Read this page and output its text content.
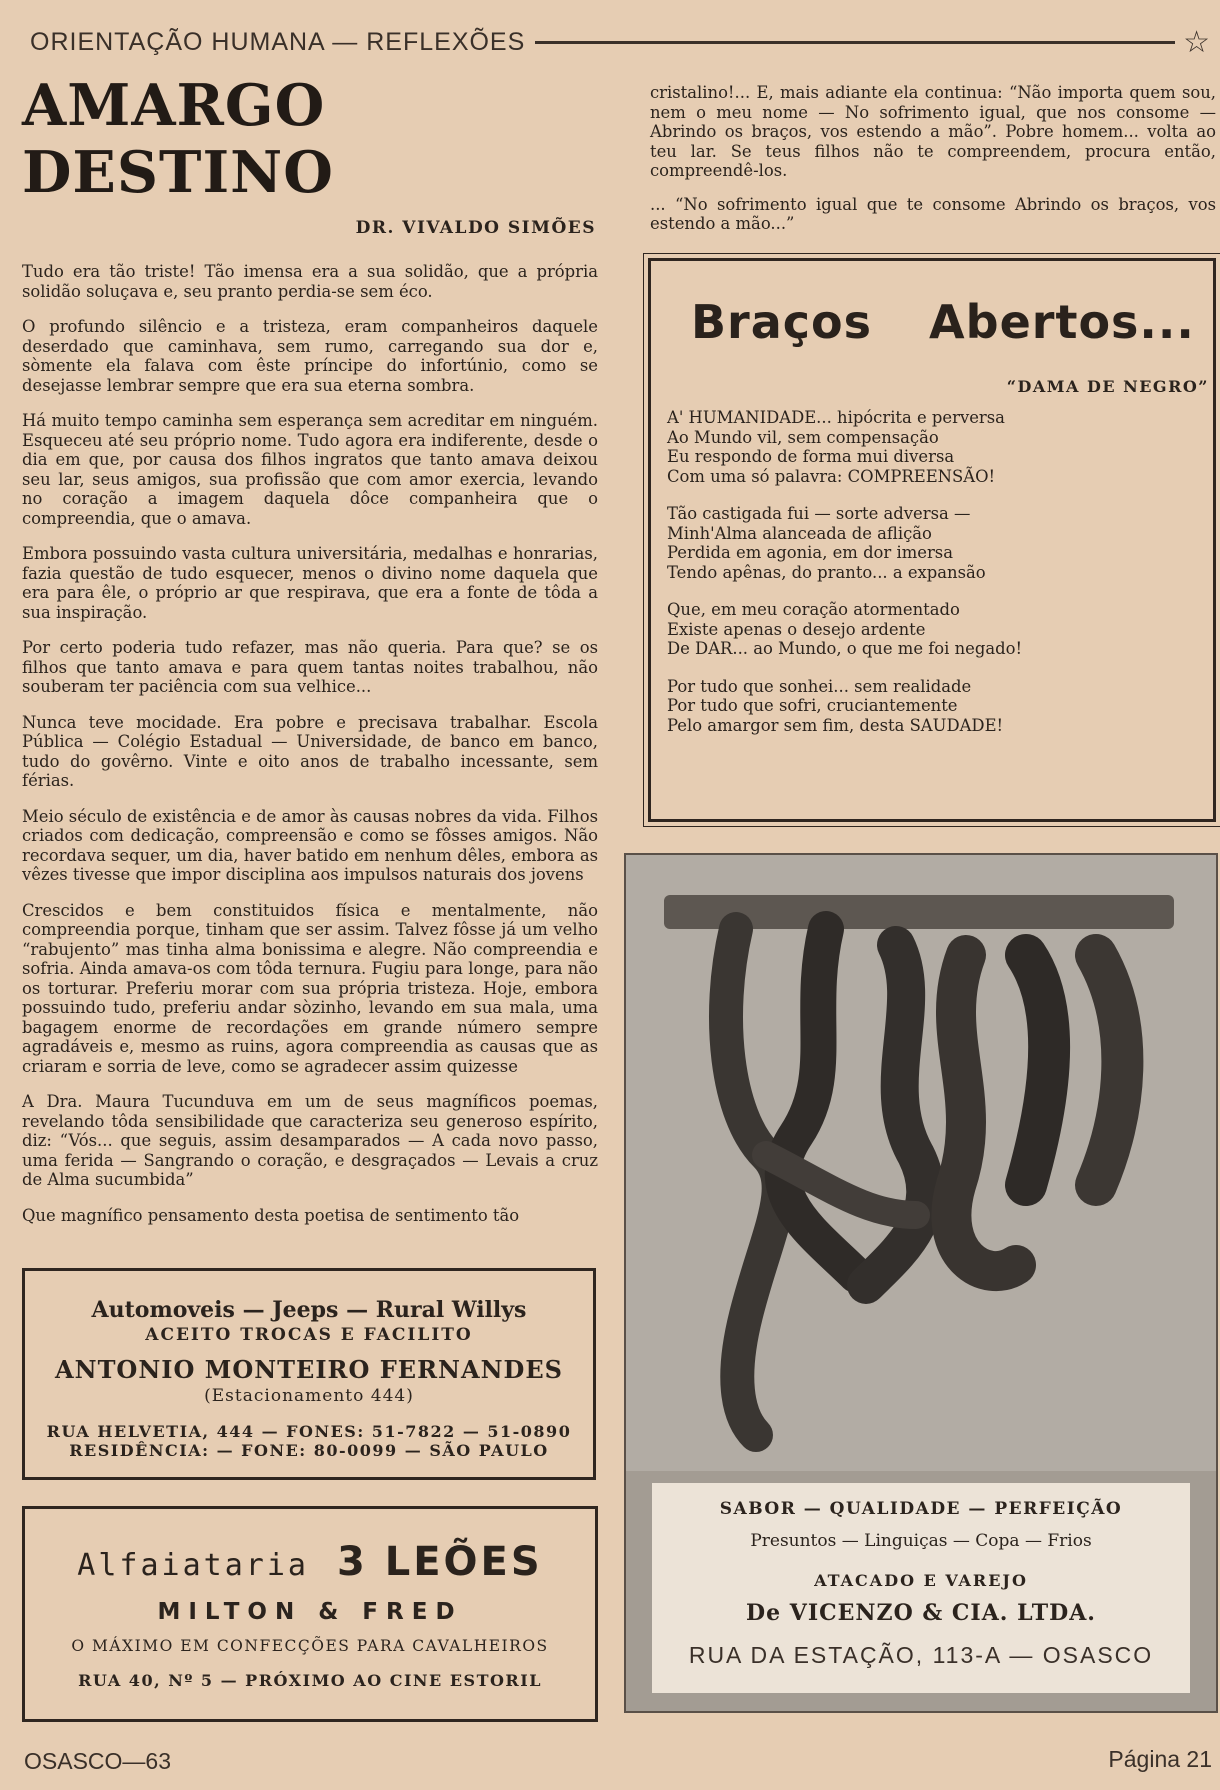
ORIENTAÇÃO HUMANA — REFLEXÕES	☆
AMARGO DESTINO
DR. VIVALDO SIMÕES

Tudo era tão triste! Tão imensa era a sua solidão, que a própria solidão soluçava e, seu pranto perdia-se sem éco.

O profundo silêncio e a tristeza, eram companheiros daquele deserdado que caminhava, sem rumo, carregando sua dor e, sòmente ela falava com êste príncipe do infortúnio, como se desejasse lembrar sempre que era sua eterna sombra.

Há muito tempo caminha sem esperança sem acreditar em ninguém. Esqueceu até seu próprio nome. Tudo agora era indiferente, desde o dia em que, por causa dos filhos ingratos que tanto amava deixou seu lar, seus amigos, sua profissão que com amor exercia, levando no coração a imagem daquela dôce companheira que o compreendia, que o amava.

Embora possuindo vasta cultura universitária, medalhas e honrarias, fazia questão de tudo esquecer, menos o divino nome daquela que era para êle, o próprio ar que respirava, que era a fonte de tôda a sua inspiração.

Por certo poderia tudo refazer, mas não queria. Para que? se os filhos que tanto amava e para quem tantas noites trabalhou, não souberam ter paciência com sua velhice...

Nunca teve mocidade. Era pobre e precisava trabalhar. Escola Pública — Colégio Estadual — Universidade, de banco em banco, tudo do govêrno. Vinte e oito anos de trabalho incessante, sem férias.

Meio século de existência e de amor às causas nobres da vida. Filhos criados com dedicação, compreensão e como se fôsses amigos. Não recordava sequer, um dia, haver batido em nenhum dêles, embora as vêzes tivesse que impor disciplina aos impulsos naturais dos jovens

Crescidos e bem constituidos física e mentalmente, não compreendia porque, tinham que ser assim. Talvez fôsse já um velho “rabujento” mas tinha alma bonissima e alegre. Não compreendia e sofria. Ainda amava-os com tôda ternura. Fugiu para longe, para não os torturar. Preferiu morar com sua própria tristeza. Hoje, embora possuindo tudo, preferiu andar sòzinho, levando em sua mala, uma bagagem enorme de recordações em grande número sempre agradáveis e, mesmo as ruins, agora compreendia as causas que as criaram e sorria de leve, como se agradecer assim quizesse

A Dra. Maura Tucunduva em um de seus magníficos poemas, revelando tôda sensibilidade que caracteriza seu generoso espírito, diz: “Vós... que seguis, assim desamparados — A cada novo passo, uma ferida — Sangrando o coração, e desgraçados — Levais a cruz de Alma sucumbida”

Que magnífico pensamento desta poetisa de sentimento tão

cristalino!... E, mais adiante ela continua: “Não importa quem sou, nem o meu nome — No sofrimento igual, que nos consome — Abrindo os braços, vos estendo a mão”. Pobre homem... volta ao teu lar. Se teus filhos não te compreendem, procura então, compreendê-los.

... “No sofrimento igual que te consome Abrindo os braços, vos estendo a mão...”

Braços Abertos...
“DAMA DE NEGRO”
A' HUMANIDADE... hipócrita e perversa
Ao Mundo vil, sem compensação
Eu respondo de forma mui diversa
Com uma só palavra: COMPREENSÃO!
Tão castigada fui — sorte adversa —
Minh'Alma alanceada de aflição
Perdida em agonia, em dor imersa
Tendo apênas, do pranto... a expansão
Que, em meu coração atormentado
Existe apenas o desejo ardente
De DAR... ao Mundo, o que me foi negado!
Por tudo que sonhei... sem realidade
Por tudo que sofri, cruciantemente
Pelo amargor sem fim, desta SAUDADE!
Automoveis — Jeeps — Rural Willys
ACEITO TROCAS E FACILITO
ANTONIO MONTEIRO FERNANDES
(Estacionamento 444)
RUA HELVETIA, 444 — FONES: 51-7822 — 51-0890
RESIDÊNCIA: — FONE: 80-0099 — SÃO PAULO
Alfaiataria 3 LEÕES
MILTON & FRED
O MÁXIMO EM CONFECÇÕES PARA CAVALHEIROS
RUA 40, Nº 5 — PRÓXIMO AO CINE ESTORIL
SABOR — QUALIDADE — PERFEIÇÃO
Presuntos — Linguiças — Copa — Frios
ATACADO E VAREJO
De VICENZO & CIA. LTDA.
RUA DA ESTAÇÃO, 113-A — OSASCO
OSASCO—63	Página 21
